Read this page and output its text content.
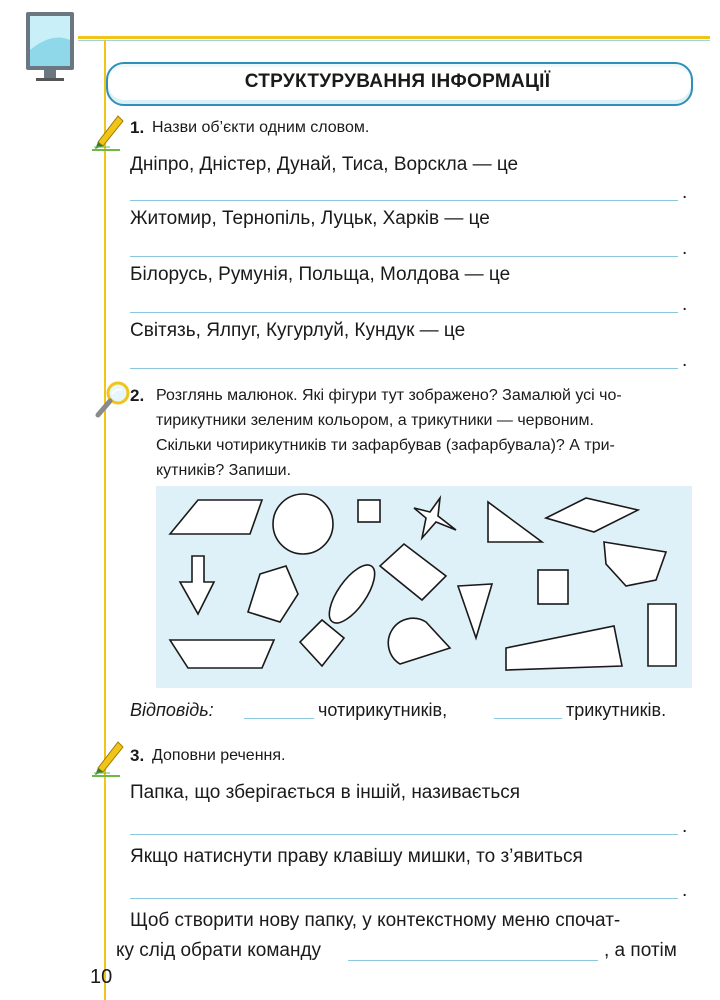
СТРУКТУРУВАННЯ ІНФОРМАЦІЇ
1. Назви об’єкти одним словом.
Дніпро, Дністер, Дунай, Тиса, Ворскла — це
.
Житомир, Тернопіль, Луцьк, Харків — це
.
Білорусь, Румунія, Польща, Молдова — це
.
Світязь, Ялпуг, Кугурлуй, Кундук — це
.
2. Розглянь малюнок. Які фігури тут зображено? Замалюй усі чо-
тирикутники зеленим кольором, а трикутники — червоним.
Скільки чотирикутників ти зафарбував (зафарбувала)? А три-
кутників? Запиши.
Відповідь:	чотирикутників,	трикутників.
3. Доповни речення.
Папка, що зберігається в іншій, називається
.
Якщо натиснути праву клавішу мишки, то з’явиться
.
Щоб створити нову папку, у контекстному меню спочат-
ку слід обрати команду	, а потім
10
